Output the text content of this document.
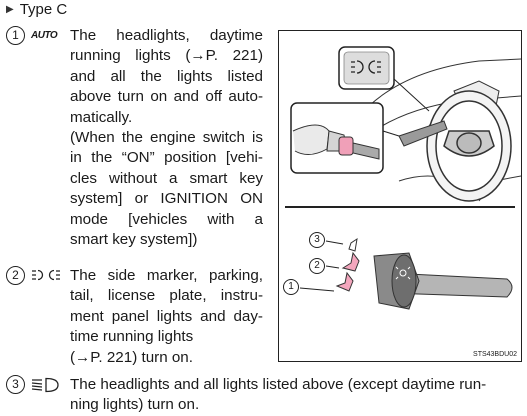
▶ Type C
1	AUTO The headlights, daytime
running lights (→P. 221)
and all the lights listed
above turn on and off auto-
matically.
(When the engine switch is
in the “ON” position [vehi-
cles without a smart key
system] or IGNITION ON
mode [vehicles with a
smart key system])
2	The side marker, parking,
tail, license plate, instru-
ment panel lights and day-
time running lights
(→P. 221) turn on.
3
2
1
STS43BDU02
3	The headlights and all lights listed above (except daytime run-
ning lights) turn on.
